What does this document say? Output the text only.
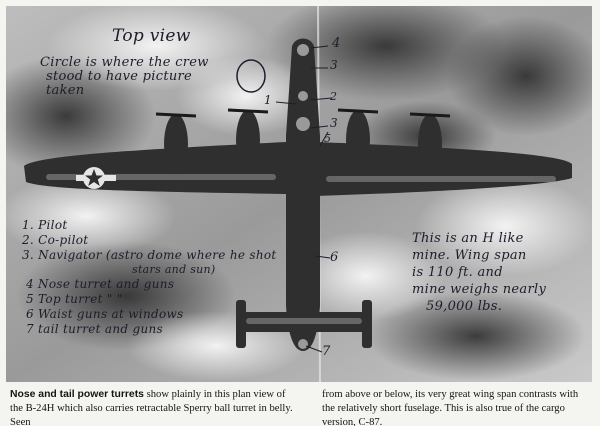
Top view
Circle is where the crew
stood to have picture
taken
1. Pilot
2. Co-pilot
3. Navigator (astro dome where he shot
stars and sun)
4 Nose turret and guns
5 Top turret " "
6 Waist guns at windows
7 tail turret and guns
This is an H like
mine. Wing span
is 110 ft. and
mine weighs nearly
59,000 lbs.
4
3
1	2
3
5
6
7
Nose and tail power turrets show plainly in this plan view of the B-24H which also carries retractable Sperry ball turret in belly. Seen
from above or below, its very great wing span contrasts with the relatively short fuselage. This is also true of the cargo version, C-87.
